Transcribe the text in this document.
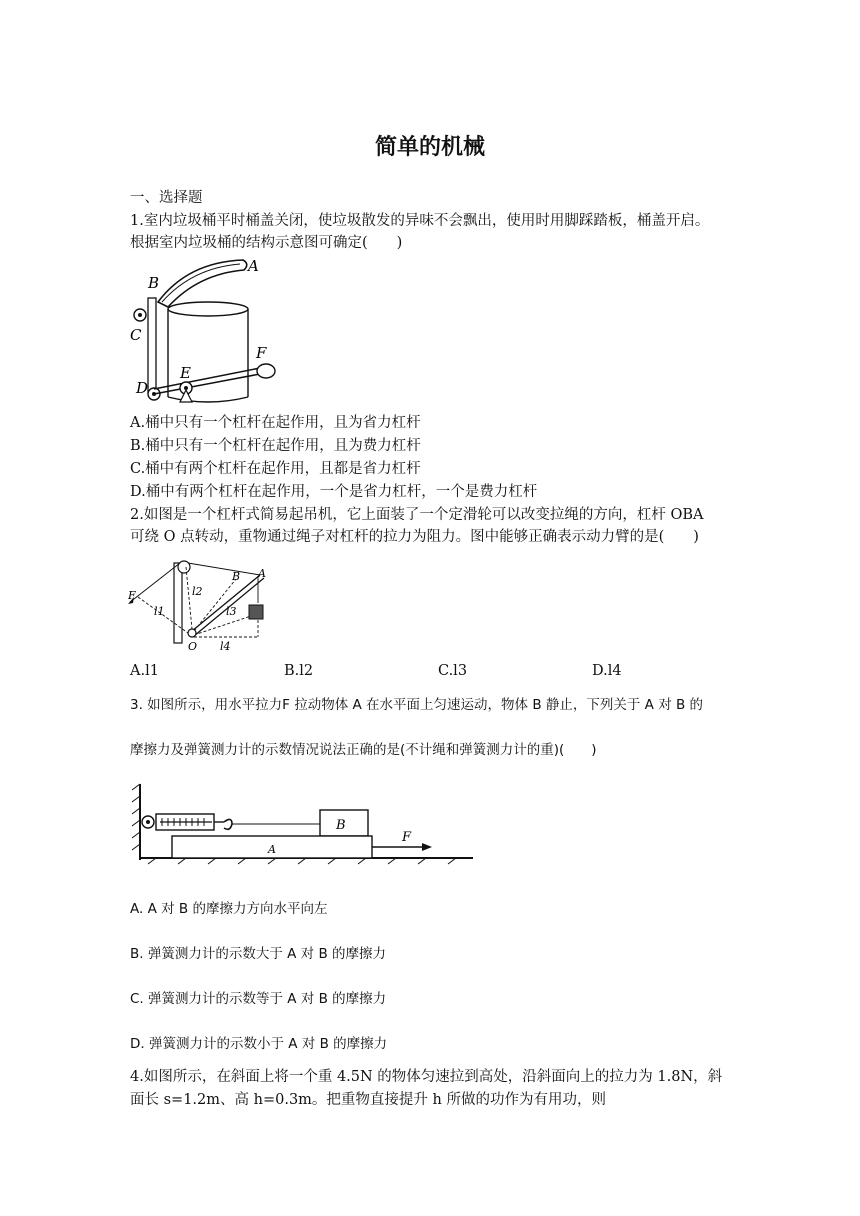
简单的机械
一、选择题
1.室内垃圾桶平时桶盖关闭，使垃圾散发的异味不会飘出，使用时用脚踩踏板，桶盖开启。
根据室内垃圾桶的结构示意图可确定(　　)
A
B
C
D
E
F
A.桶中只有一个杠杆在起作用，且为省力杠杆
B.桶中只有一个杠杆在起作用，且为费力杠杆
C.桶中有两个杠杆在起作用，且都是省力杠杆
D.桶中有两个杠杆在起作用，一个是省力杠杆，一个是费力杠杆
2.如图是一个杠杆式简易起吊机，它上面装了一个定滑轮可以改变拉绳的方向，杠杆 OBA
可绕 O 点转动，重物通过绳子对杠杆的拉力为阻力。图中能够正确表示动力臂的是(　　)
F
l1
l2
B A
l3
O l4
A.l1	B.l2	C.l3	D.l4
3. 如图所示，用水平拉力F 拉动物体 A 在水平面上匀速运动，物体 B 静止，下列关于 A 对 B 的
摩擦力及弹簧测力计的示数情况说法正确的是(不计绳和弹簧测力计的重)(　　)
B
A
F
A. A 对 B 的摩擦力方向水平向左
B. 弹簧测力计的示数大于 A 对 B 的摩擦力
C. 弹簧测力计的示数等于 A 对 B 的摩擦力
D. 弹簧测力计的示数小于 A 对 B 的摩擦力
4.如图所示，在斜面上将一个重 4.5N 的物体匀速拉到高处，沿斜面向上的拉力为 1.8N，斜
面长 s=1.2m、高 h=0.3m。把重物直接提升 h 所做的功作为有用功，则
